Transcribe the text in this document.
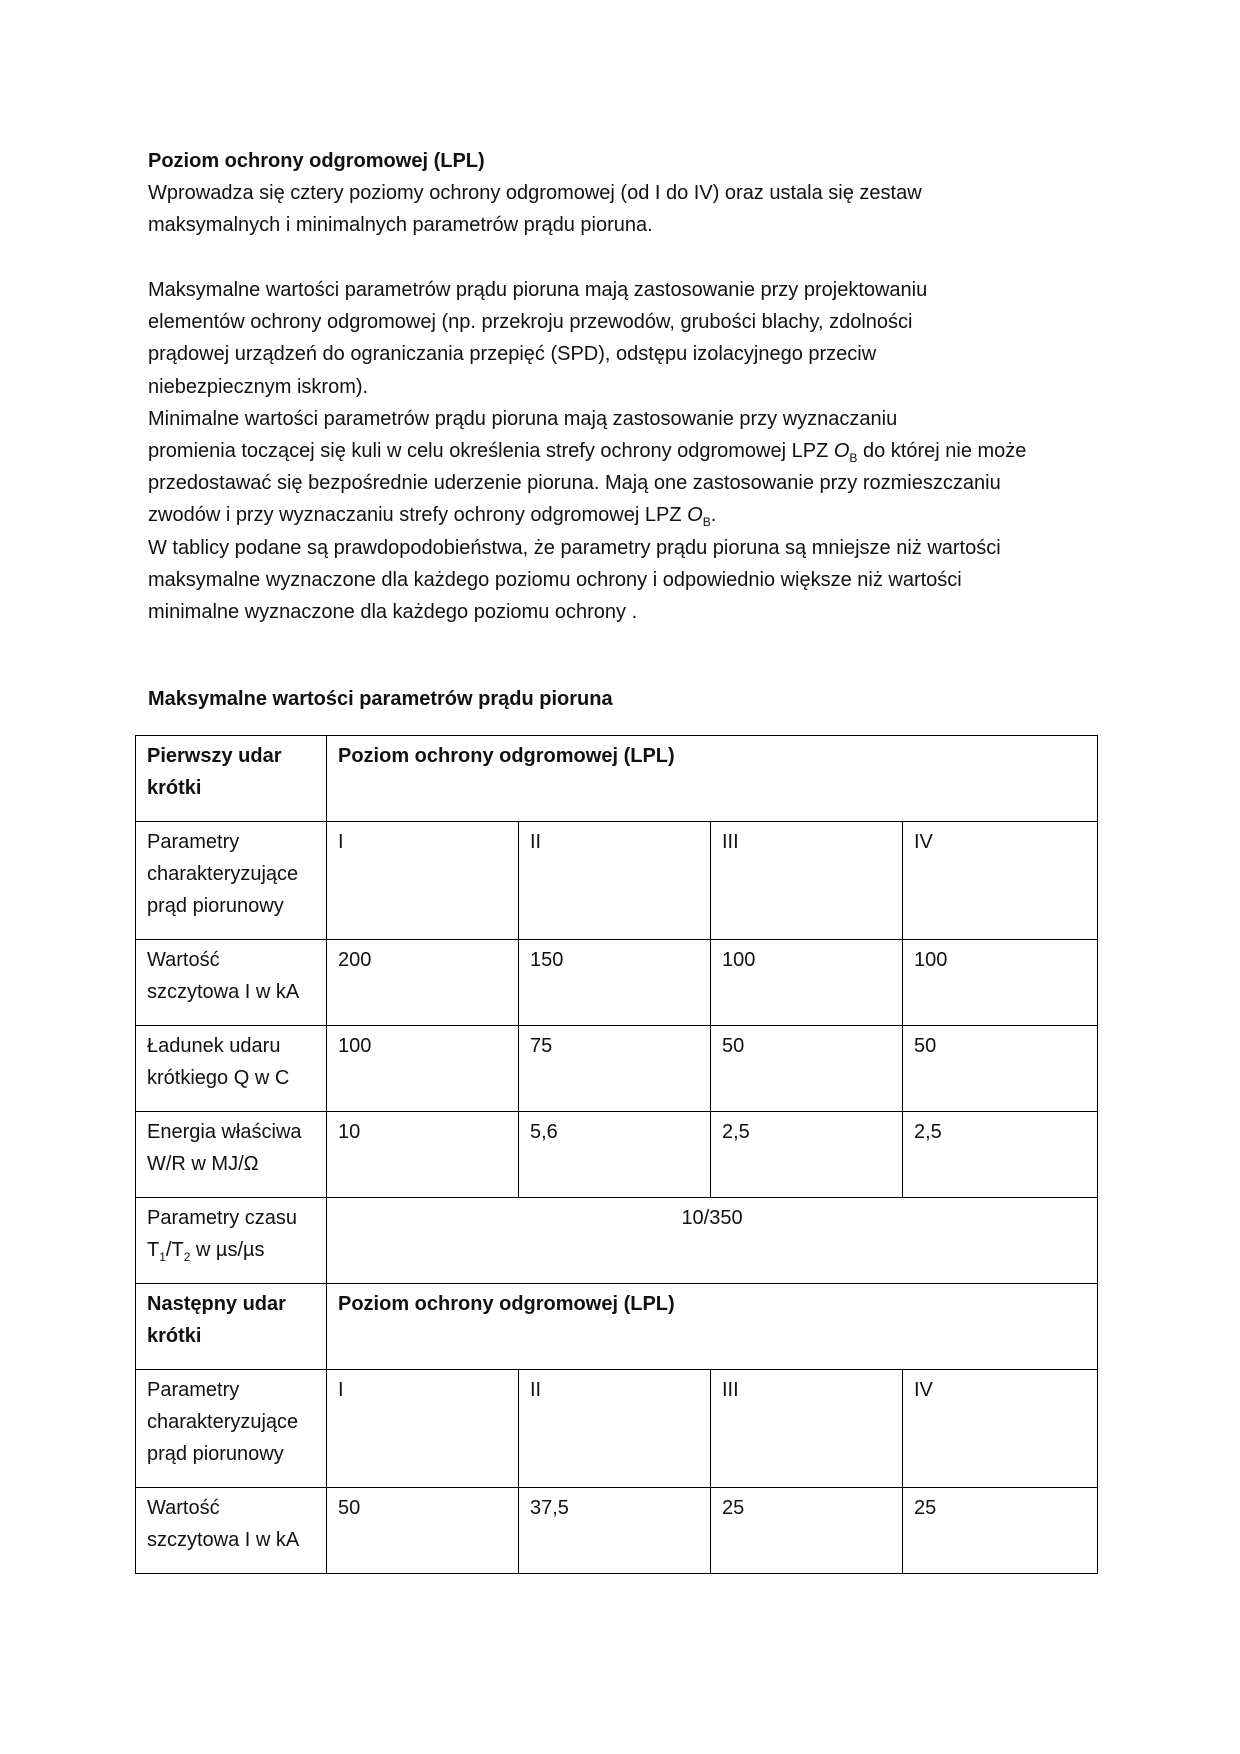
Poziom ochrony odgromowej (LPL)
Wprowadza się cztery poziomy ochrony odgromowej (od I do IV) oraz ustala się zestaw
maksymalnych i minimalnych parametrów prądu pioruna.
Maksymalne wartości parametrów prądu pioruna mają zastosowanie przy projektowaniu
elementów ochrony odgromowej (np. przekroju przewodów, grubości blachy, zdolności
prądowej urządzeń do ograniczania przepięć (SPD), odstępu izolacyjnego przeciw
niebezpiecznym iskrom).
Minimalne wartości parametrów prądu pioruna mają zastosowanie przy wyznaczaniu
promienia toczącej się kuli w celu określenia strefy ochrony odgromowej LPZ $O_B$ do której nie może
przedostawać się bezpośrednie uderzenie pioruna. Mają one zastosowanie przy rozmieszczaniu
zwodów i przy wyznaczaniu strefy ochrony odgromowej LPZ $O_B$.
W tablicy podane są prawdopodobieństwa, że parametry prądu pioruna są mniejsze niż wartości
maksymalne wyznaczone dla każdego poziomu ochrony i odpowiednio większe niż wartości
minimalne wyznaczone dla każdego poziomu ochrony .
Maksymalne wartości parametrów prądu pioruna
Pierwszy udar
krótki	Poziom ochrony odgromowej (LPL)			
Parametry
charakteryzujące
prąd piorunowy	I	II	III	IV
Wartość
szczytowa I w kA	200	150	100	100
Ładunek udaru
krótkiego Q w C	100	75	50	50
Energia właściwa
W/R w MJ/Ω	10	5,6	2,5	2,5
Parametry czasu
$T_1/T_2$ w µs/µs	10/350			
Następny udar
krótki	Poziom ochrony odgromowej (LPL)			
Parametry
charakteryzujące
prąd piorunowy	I	II	III	IV
Wartość
szczytowa I w kA	50	37,5	25	25
